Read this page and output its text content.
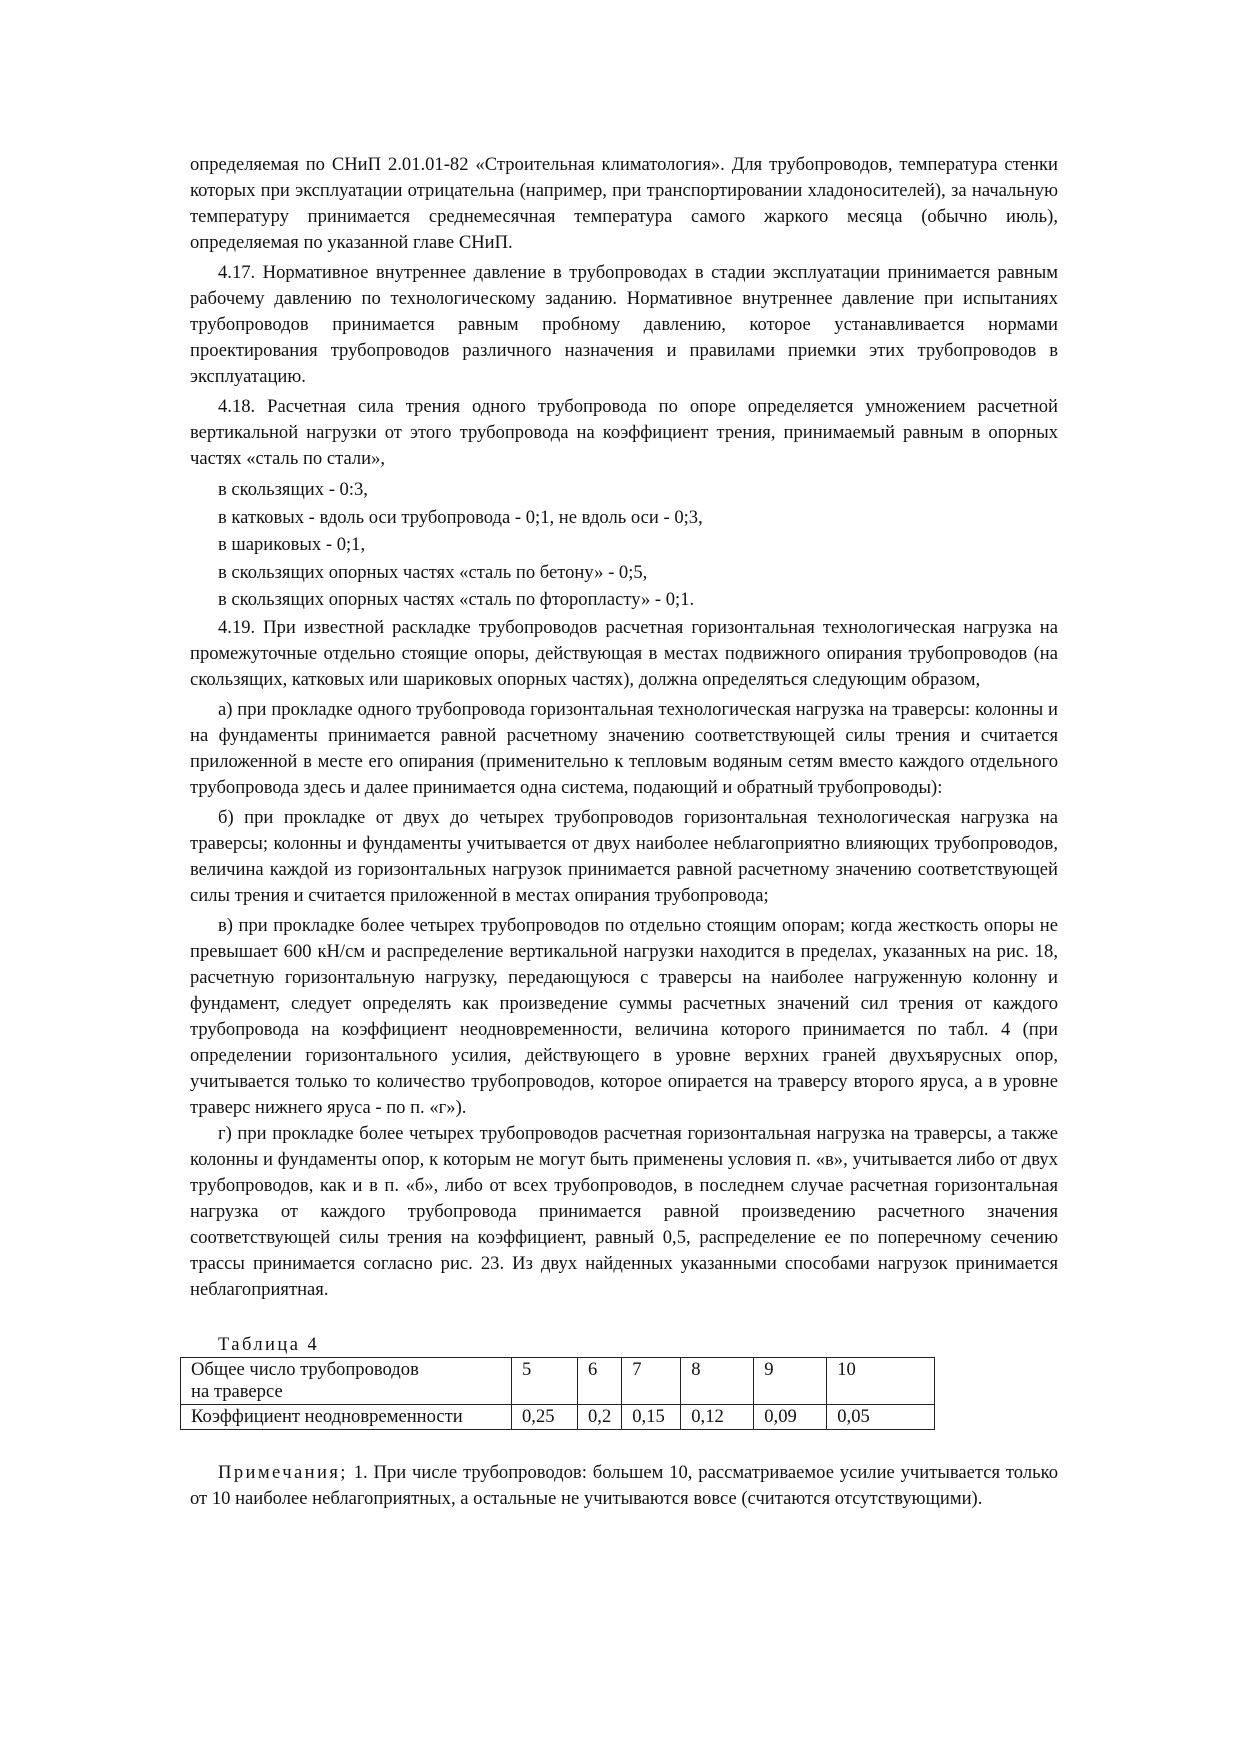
определяемая по СНиП 2.01.01-82 «Строительная климатология». Для трубопроводов, температура стенки которых при эксплуатации отрицательна (например, при транспортировании хладоносителей), за начальную температуру принимается среднемесячная температура самого жаркого месяца (обычно июль), определяемая по указанной главе СНиП.

4.17. Нормативное внутреннее давление в трубопроводах в стадии эксплуатации принимается равным рабочему давлению по технологическому заданию. Нормативное внутреннее давление при испытаниях трубопроводов принимается равным пробному давлению, которое устанавливается нормами проектирования трубопроводов различного назначения и правилами приемки этих трубопроводов в эксплуатацию.

4.18. Расчетная сила трения одного трубопровода по опоре определяется умножением расчетной вертикальной нагрузки от этого трубопровода на коэффициент трения, принимаемый равным в опорных частях «сталь по стали»,

в скользящих - 0:3,

в катковых - вдоль оси трубопровода - 0;1, не вдоль оси - 0;3,

в шариковых - 0;1,

в скользящих опорных частях «сталь по бетону» - 0;5,

в скользящих опорных частях «сталь по фторопласту» - 0;1.

4.19. При известной раскладке трубопроводов расчетная горизонтальная технологическая нагрузка на промежуточные отдельно стоящие опоры, действующая в местах подвижного опирания трубопроводов (на скользящих, катковых или шариковых опорных частях), должна определяться следующим образом,

а) при прокладке одного трубопровода горизонтальная технологическая нагрузка на траверсы: колонны и на фундаменты принимается равной расчетному значению соответствующей силы трения и считается приложенной в месте его опирания (применительно к тепловым водяным сетям вместо каждого отдельного трубопровода здесь и далее принимается одна система, подающий и обратный трубопроводы):

б) при прокладке от двух до четырех трубопроводов горизонтальная технологическая нагрузка на траверсы; колонны и фундаменты учитывается от двух наиболее неблагоприятно влияющих трубопроводов, величина каждой из горизонтальных нагрузок принимается равной расчетному значению соответствующей силы трения и считается приложенной в местах опирания трубопровода;

в) при прокладке более четырех трубопроводов по отдельно стоящим опорам; когда жесткость опоры не превышает 600 кН/см и распределение вертикальной нагрузки находится в пределах, указанных на рис. 18, расчетную горизонтальную нагрузку, передающуюся с траверсы на наиболее нагруженную колонну и фундамент, следует определять как произведение суммы расчетных значений сил трения от каждого трубопровода на коэффициент неодновременности, величина которого принимается по табл. 4 (при определении горизонтального усилия, действующего в уровне верхних граней двухъярусных опор, учитывается только то количество трубопроводов, которое опирается на траверсу второго яруса, а в уровне траверс нижнего яруса - по п. «г»).

г) при прокладке более четырех трубопроводов расчетная горизонтальная нагрузка на траверсы, а также колонны и фундаменты опор, к которым не могут быть применены условия п. «в», учитывается либо от двух трубопроводов, как и в п. «б», либо от всех трубопроводов, в последнем случае расчетная горизонтальная нагрузка от каждого трубопровода принимается равной произведению расчетного значения соответствующей силы трения на коэффициент, равный 0,5, распределение ее по поперечному сечению трассы принимается согласно рис. 23. Из двух найденных указанными способами нагрузок принимается неблагоприятная.

Таблица 4
Общее число трубопроводов
на траверсе	5	6	7	8	9	10
Коэффициент неодновременности	0,25	0,2	0,15	0,12	0,09	0,05

Примечания; 1. При числе трубопроводов: большем 10, рассматриваемое усилие учитывается только от 10 наиболее неблагоприятных, а остальные не учитываются вовсе (считаются отсутствующими).
